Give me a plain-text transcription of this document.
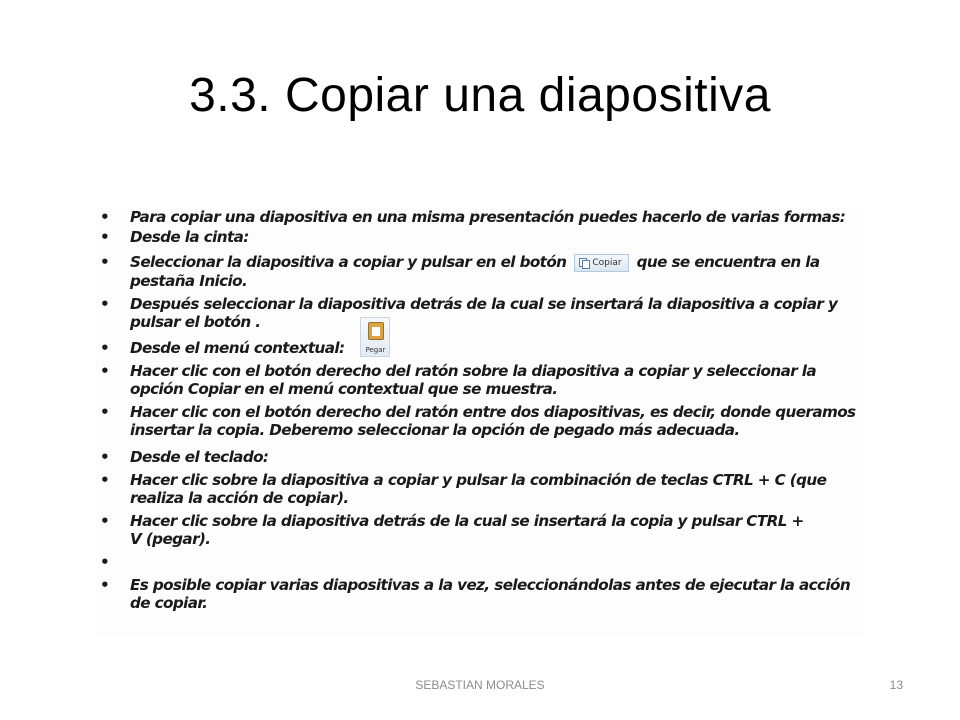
3.3. Copiar una diapositiva
• Para copiar una diapositiva en una misma presentación puedes hacerlo de varias formas:
• Desde la cinta:
• Seleccionar la diapositiva a copiar y pulsar en el botón	Copiar que se encuentra en la pestaña Inicio.
• Después seleccionar la diapositiva detrás de la cual se insertará la diapositiva a copiar y pulsar el botón .
• Desde el menú contextual:	Pegar
• Hacer clic con el botón derecho del ratón sobre la diapositiva a copiar y seleccionar la opción Copiar en el menú contextual que se muestra.
• Hacer clic con el botón derecho del ratón entre dos diapositivas, es decir, donde queramos insertar la copia. Deberemo seleccionar la opción de pegado más adecuada.
• Desde el teclado:
• Hacer clic sobre la diapositiva a copiar y pulsar la combinación de teclas CTRL + C (que realiza la acción de copiar).
• Hacer clic sobre la diapositiva detrás de la cual se insertará la copia y pulsar CTRL + V (pegar).
•
• Es posible copiar varias diapositivas a la vez, seleccionándolas antes de ejecutar la acción de copiar.
SEBASTIAN MORALES	13
